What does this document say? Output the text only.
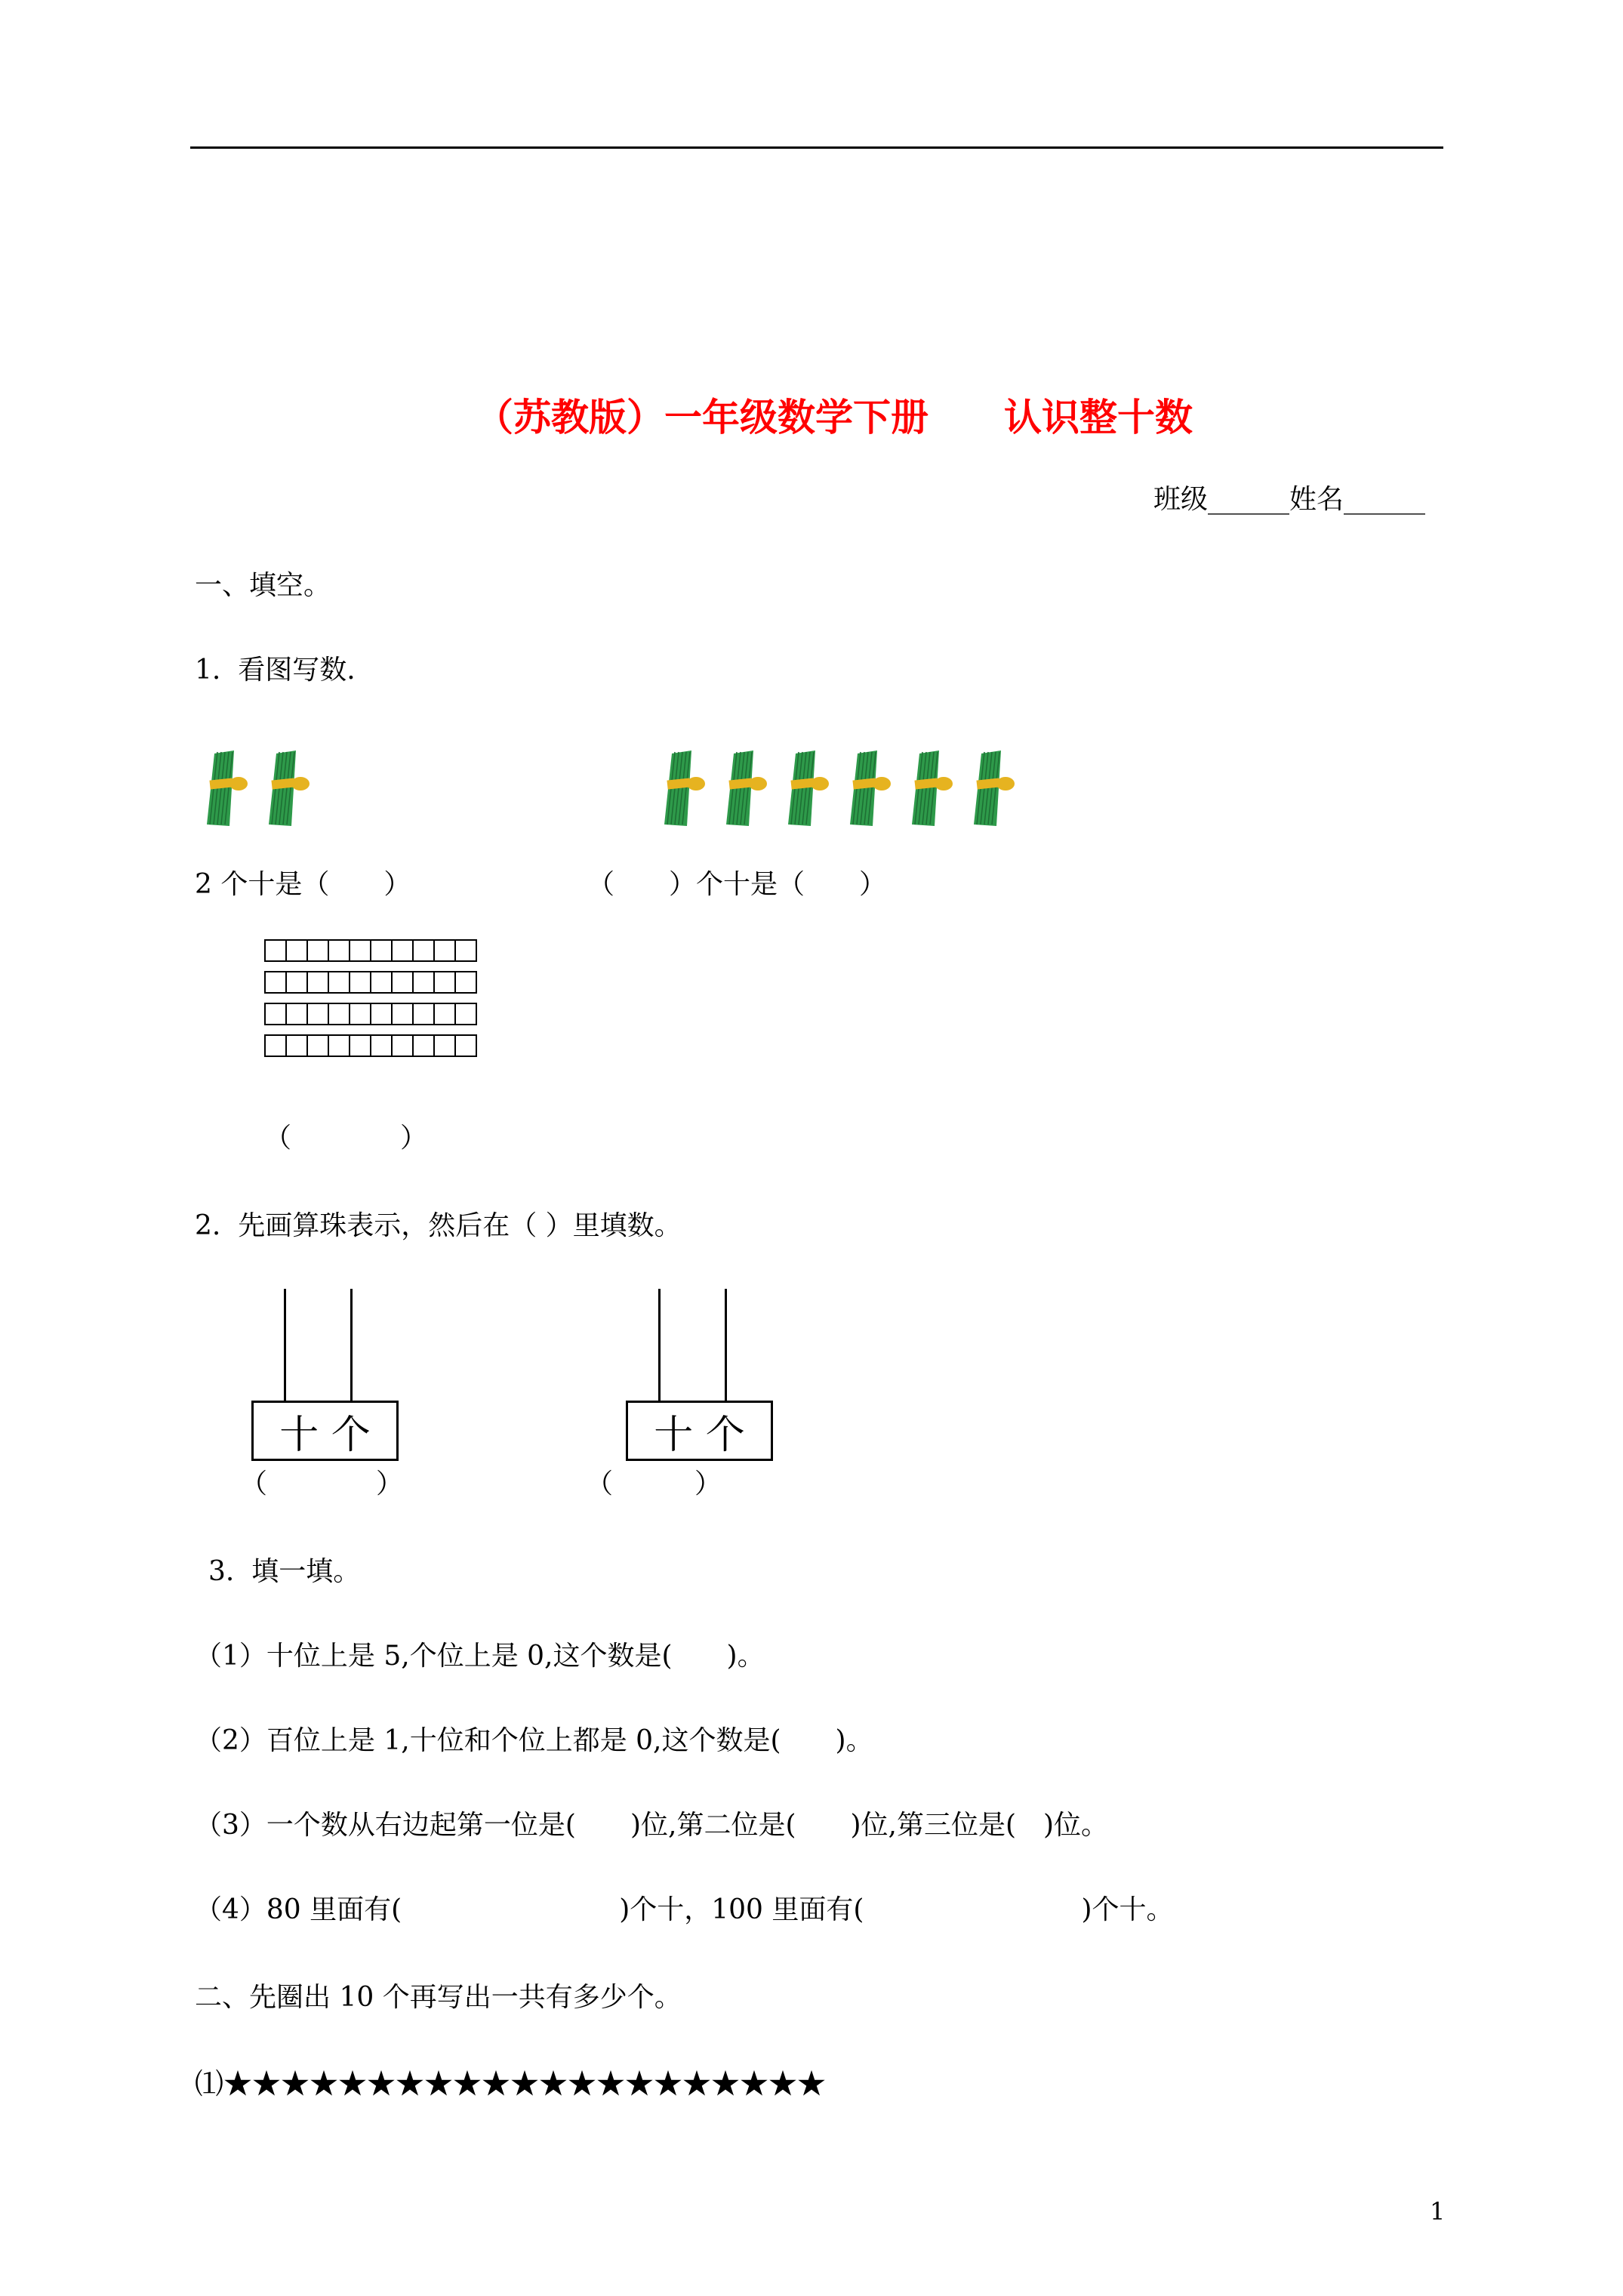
（苏教版）一年级数学下册　　认识整十数
班级______姓名______
一、填空。
1.  看图写数.
2 个十是（　　）	（　　）个十是（　　）
（　　　　）
2.  先画算珠表示，然后在（ ）里填数。
十 个
（　　　　）
十 个
（　　　）
3.  填一填。
（1）十位上是 5,个位上是 0,这个数是(　　)。
（2）百位上是 1,十位和个位上都是 0,这个数是(　　)。
（3）一个数从右边起第一位是(　　)位,第二位是(　　)位,第三位是(　)位。
（4）80 里面有(　　　　　　　　)个十，100 里面有(　　　　　　　　)个十。
二、先圈出 10 个再写出一共有多少个。
⑴★★★★★★★★★★★★★★★★★★★★★
1
